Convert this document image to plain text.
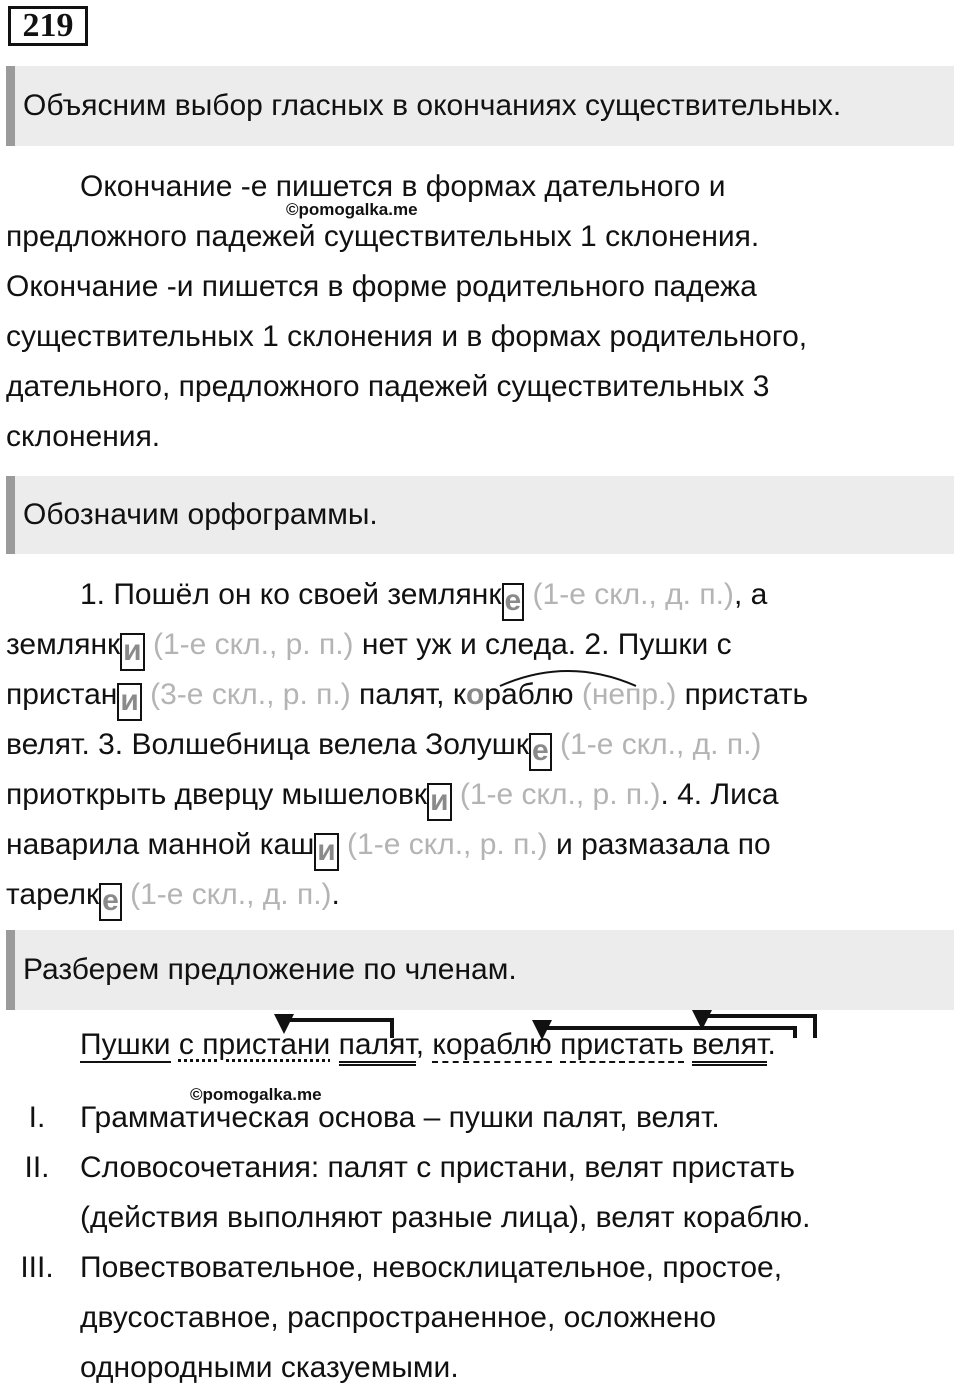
219
Объясним выбор гласных в окончаниях существительных.
Окончание -е пишется в формах дательного и
предложного падежей существительных 1 склонения.
Окончание -и пишется в форме родительного падежа
существительных 1 склонения и в формах родительного,
дательного, предложного падежей существительных 3
склонения.
©pomogalka.me
Обозначим орфограммы.
1. Пошёл он ко своей землянк е (1-е скл., д. п.), а
землянк и (1-е скл., р. п.) нет уж и следа. 2. Пушки с
пристан и (3-е скл., р. п.) палят, кораблю (непр.) пристать
велят. 3. Волшебница велела Золушк е (1-е скл., д. п.)
приоткрыть дверцу мышеловк и (1-е скл., р. п.). 4. Лиса
наварила манной каш и (1-е скл., р. п.) и размазала по
тарелк е (1-е скл., д. п.).
Разберем предложение по членам.
Пушки с пристани палят, кораблю пристать велят.
©pomogalka.me
I.	Грамматическая основа – пушки палят, велят.
II.	Словосочетания: палят с пристани, велят пристать
(действия выполняют разные лица), велят кораблю.
III. Повествовательное, невосклицательное, простое,
двусоставное, распространенное, осложнено
однородными сказуемыми.
